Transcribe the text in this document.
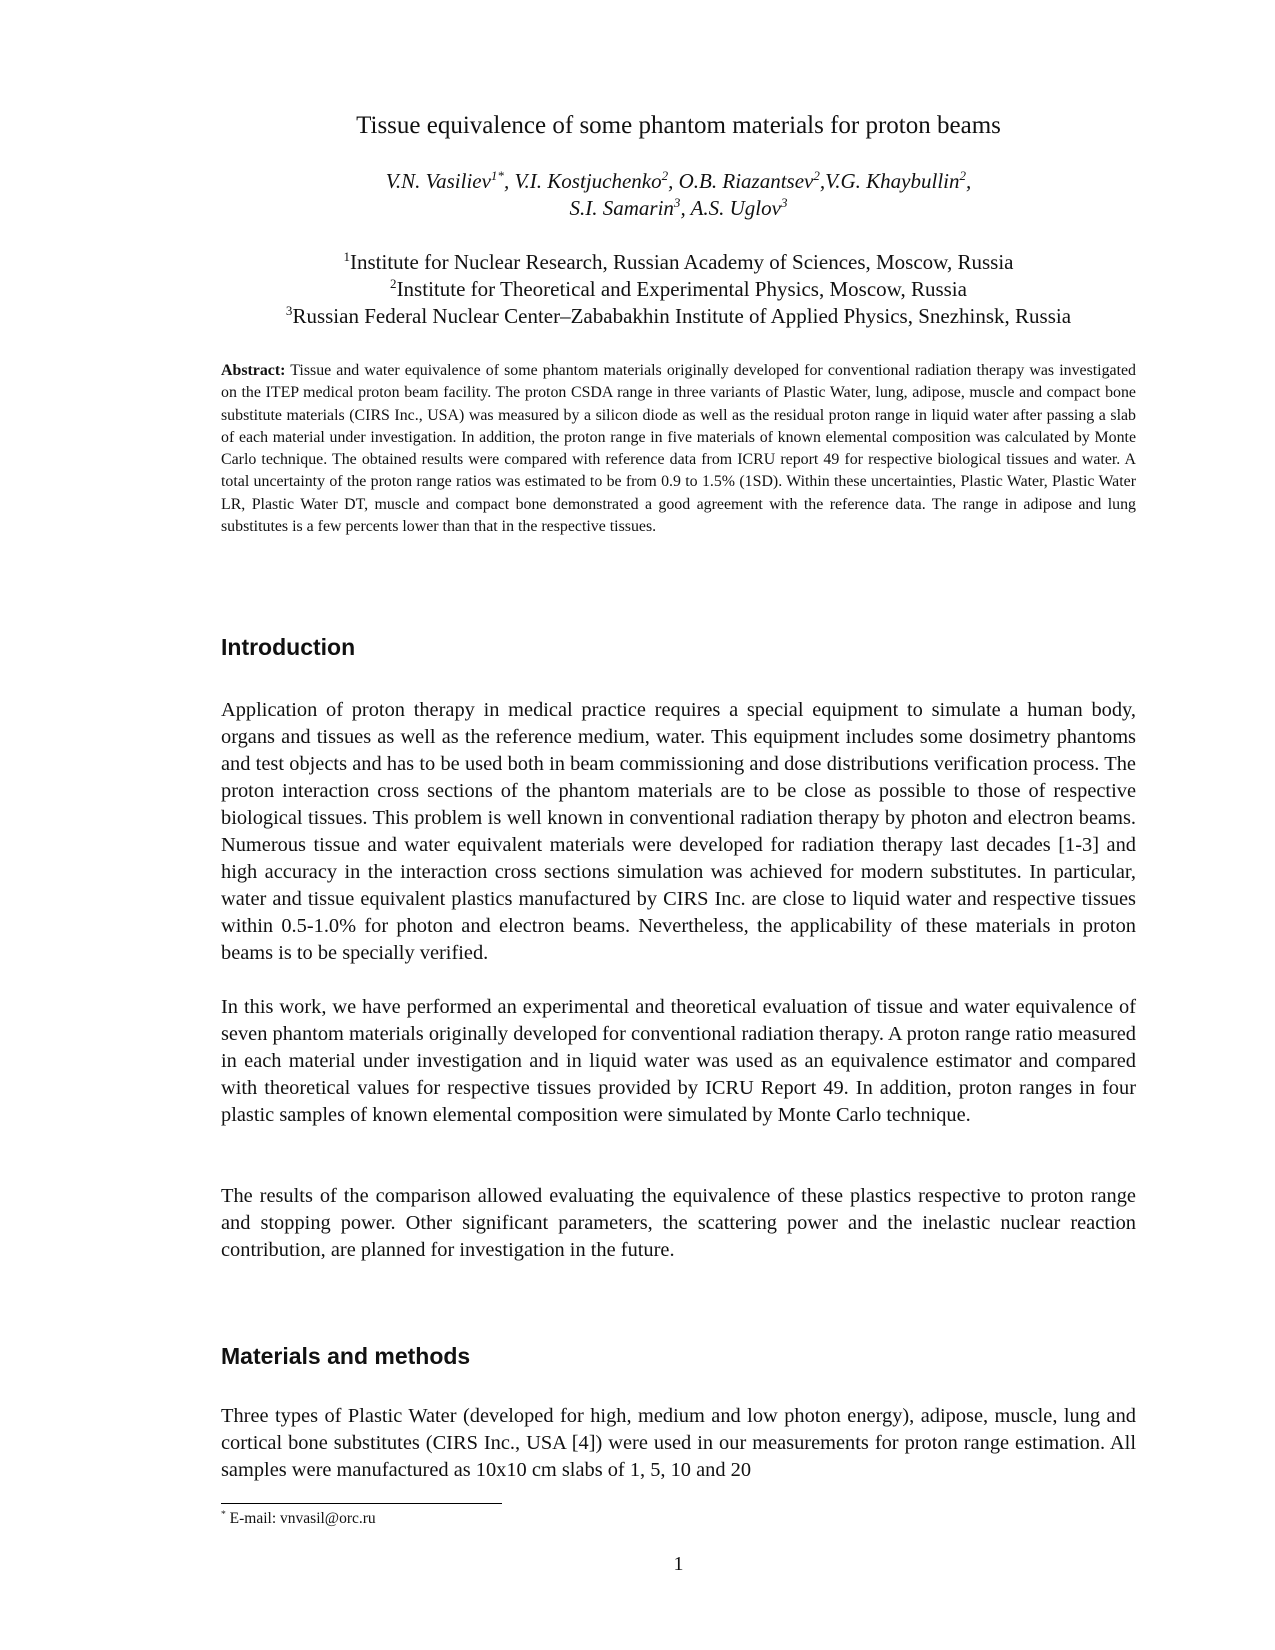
Tissue equivalence of some phantom materials for proton beams
V.N. Vasiliev$^{1*}$, V.I. Kostjuchenko$^2$, O.B. Riazantsev$^2$,V.G. Khaybullin$^2$,
S.I. Samarin$^3$, A.S. Uglov$^3$
$^1$Institute for Nuclear Research, Russian Academy of Sciences, Moscow, Russia
$^2$Institute for Theoretical and Experimental Physics, Moscow, Russia
$^3$Russian Federal Nuclear Center–Zababakhin Institute of Applied Physics, Snezhinsk, Russia
Abstract: Tissue and water equivalence of some phantom materials originally developed for conventional radiation therapy was investigated on the ITEP medical proton beam facility. The proton CSDA range in three variants of Plastic Water, lung, adipose, muscle and compact bone substitute materials (CIRS Inc., USA) was measured by a silicon diode as well as the residual proton range in liquid water after passing a slab of each material under investigation. In addition, the proton range in five materials of known elemental composition was calculated by Monte Carlo technique. The obtained results were compared with reference data from ICRU report 49 for respective biological tissues and water. A total uncertainty of the proton range ratios was estimated to be from 0.9 to 1.5% (1SD). Within these uncertainties, Plastic Water, Plastic Water LR, Plastic Water DT, muscle and compact bone demonstrated a good agreement with the reference data. The range in adipose and lung substitutes is a few percents lower than that in the respective tissues.
Introduction
Application of proton therapy in medical practice requires a special equipment to simulate a human body, organs and tissues as well as the reference medium, water. This equipment includes some dosimetry phantoms and test objects and has to be used both in beam commissioning and dose distributions verification process. The proton interaction cross sections of the phantom materials are to be close as possible to those of respective biological tissues. This problem is well known in conventional radiation therapy by photon and electron beams. Numerous tissue and water equivalent materials were developed for radiation therapy last decades [1-3] and high accuracy in the interaction cross sections simulation was achieved for modern substitutes. In particular, water and tissue equivalent plastics manufactured by CIRS Inc. are close to liquid water and respective tissues within 0.5-1.0% for photon and electron beams. Nevertheless, the applicability of these materials in proton beams is to be specially verified.
In this work, we have performed an experimental and theoretical evaluation of tissue and water equivalence of seven phantom materials originally developed for conventional radiation therapy. A proton range ratio measured in each material under investigation and in liquid water was used as an equivalence estimator and compared with theoretical values for respective tissues provided by ICRU Report 49. In addition, proton ranges in four plastic samples of known elemental composition were simulated by Monte Carlo technique.
The results of the comparison allowed evaluating the equivalence of these plastics respective to proton range and stopping power. Other significant parameters, the scattering power and the inelastic nuclear reaction contribution, are planned for investigation in the future.
Materials and methods
Three types of Plastic Water (developed for high, medium and low photon energy), adipose, muscle, lung and cortical bone substitutes (CIRS Inc., USA [4]) were used in our measurements for proton range estimation. All samples were manufactured as 10x10 cm slabs of 1, 5, 10 and 20
* E-mail: vnvasil@orc.ru
1
